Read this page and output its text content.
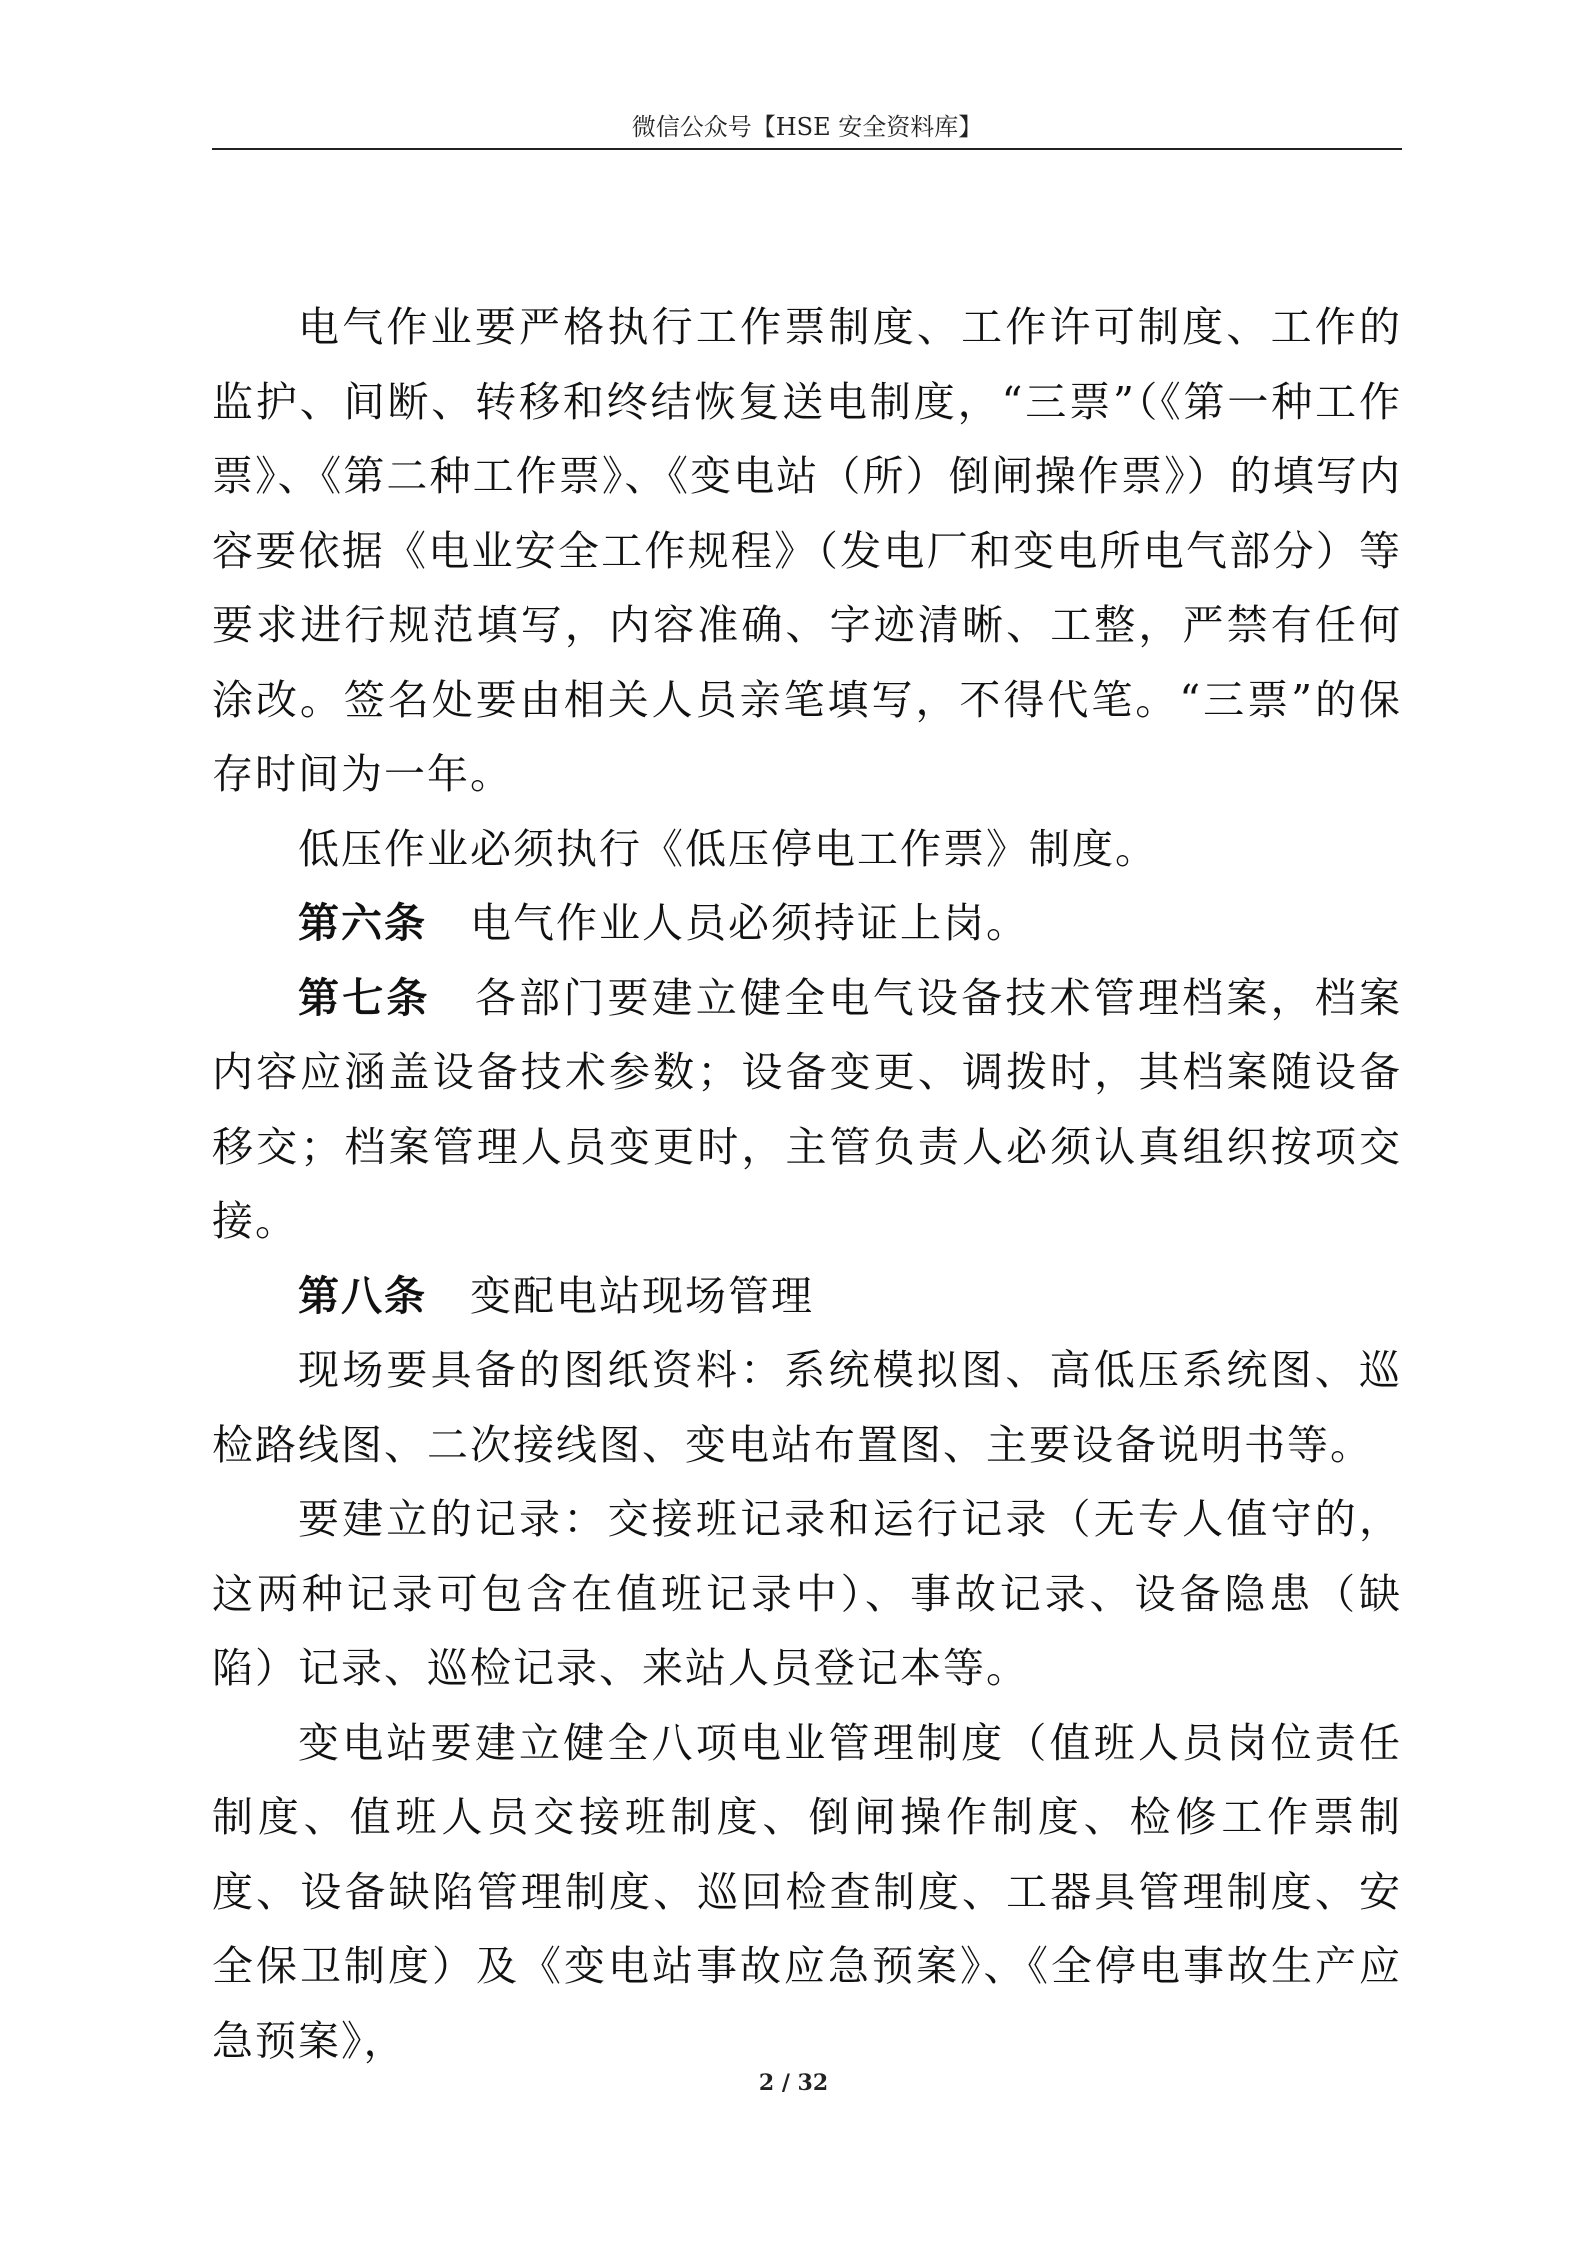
微信公众号【HSE 安全资料库】

电气作业要严格执行工作票制度、工作许可制度、工作的监护、间断、转移和终结恢复送电制度，“三票”（《第一种工作票》、《第二种工作票》、《变电站（所）倒闸操作票》）的填写内容要依据《电业安全工作规程》（发电厂和变电所电气部分）等要求进行规范填写，内容准确、字迹清晰、工整，严禁有任何涂改。签名处要由相关人员亲笔填写，不得代笔。“三票”的保存时间为一年。

低压作业必须执行《低压停电工作票》制度。

第六条　电气作业人员必须持证上岗。

第七条　各部门要建立健全电气设备技术管理档案，档案内容应涵盖设备技术参数；设备变更、调拨时，其档案随设备移交；档案管理人员变更时，主管负责人必须认真组织按项交接。

第八条　变配电站现场管理

现场要具备的图纸资料：系统模拟图、高低压系统图、巡检路线图、二次接线图、变电站布置图、主要设备说明书等。

要建立的记录：交接班记录和运行记录（无专人值守的，这两种记录可包含在值班记录中）、事故记录、设备隐患（缺陷）记录、巡检记录、来站人员登记本等。

变电站要建立健全八项电业管理制度（值班人员岗位责任制度、值班人员交接班制度、倒闸操作制度、检修工作票制度、设备缺陷管理制度、巡回检查制度、工器具管理制度、安全保卫制度）及《变电站事故应急预案》、《全停电事故生产应急预案》，

2 / 32
